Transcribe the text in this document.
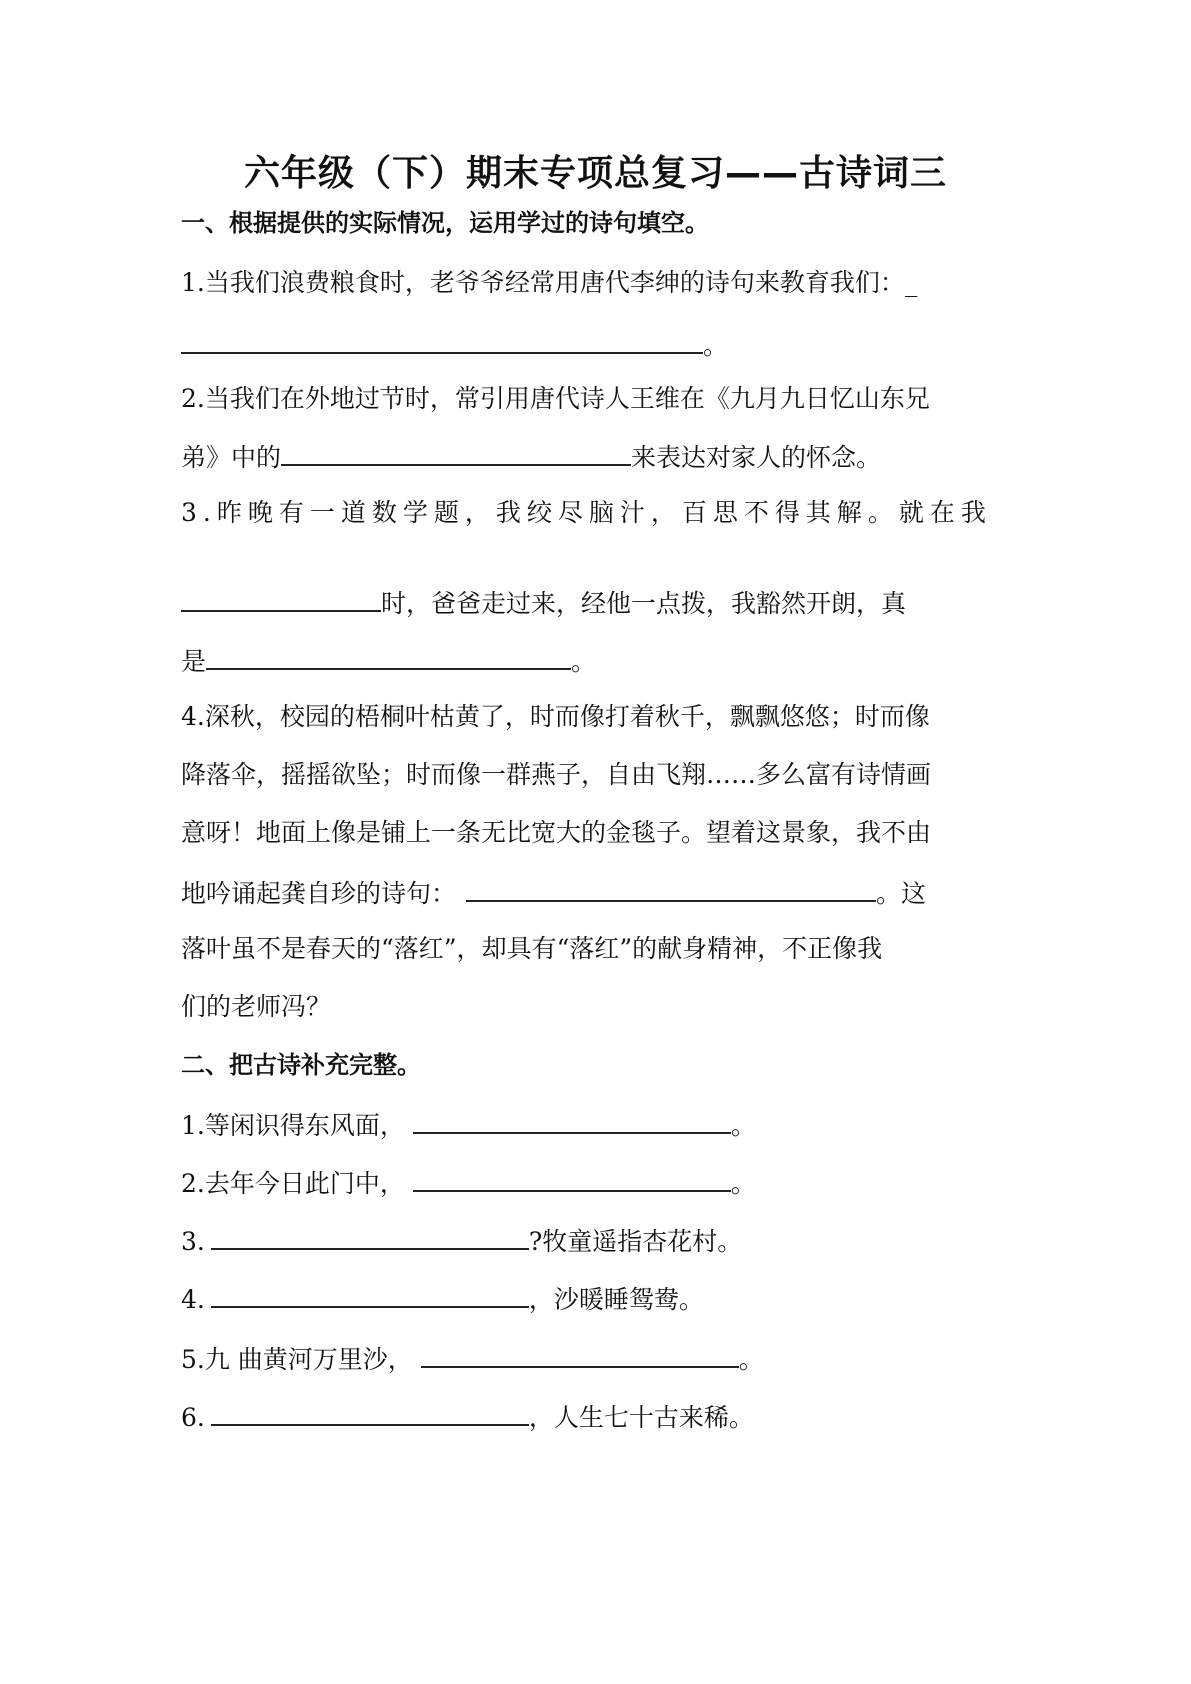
六年级（下）期末专项总复习——古诗词三
一、根据提供的实际情况，运用学过的诗句填空。
1.当我们浪费粮食时，老爷爷经常用唐代李绅的诗句来教育我们：_
。
2.当我们在外地过节时，常引用唐代诗人王维在《九月九日忆山东兄
弟》中的	来表达对家人的怀念。
3.昨晚有一道数学题，我绞尽脑汁，百思不得其解。就在我
时，爸爸走过来，经他一点拨，我豁然开朗，真
是	。
4.深秋，校园的梧桐叶枯黄了，时而像打着秋千，飘飘悠悠；时而像
降落伞，摇摇欲坠；时而像一群燕子，自由飞翔……多么富有诗情画
意呀！地面上像是铺上一条无比宽大的金毯子。望着这景象，我不由
地吟诵起龚自珍的诗句：	。这
落叶虽不是春天的“落红”，却具有“落红”的献身精神，不正像我
们的老师冯？
二、把古诗补充完整。
1.等闲识得东风面，	。
2.去年今日此门中，	。
3.	?牧童遥指杏花村。
4.	，沙暖睡鸳鸯。
5.九 曲黄河万里沙，	。
6.	，人生七十古来稀。
